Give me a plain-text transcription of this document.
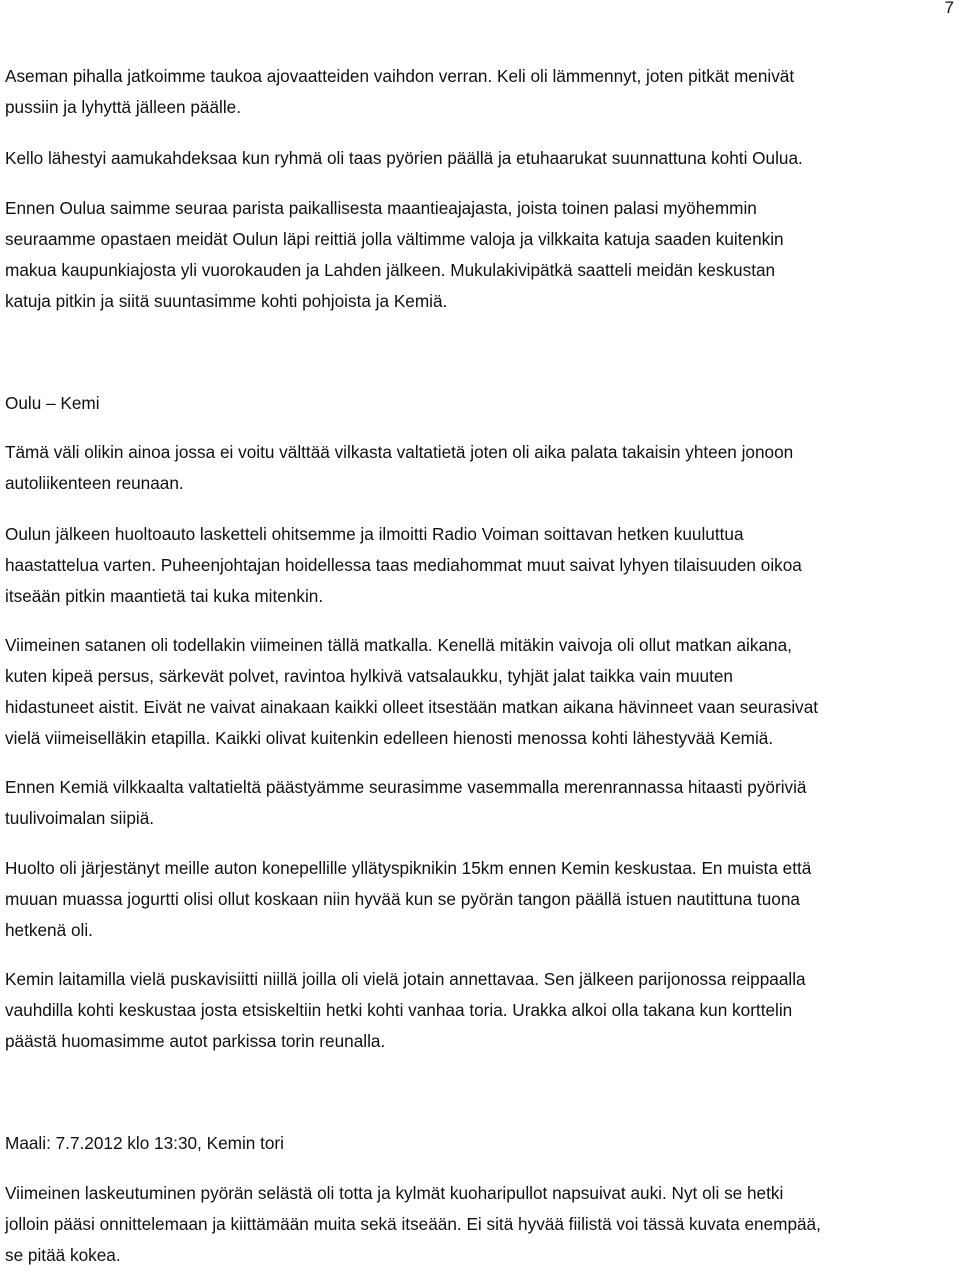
7

Aseman pihalla jatkoimme taukoa ajovaatteiden vaihdon verran. Keli oli lämmennyt, joten pitkät menivät
pussiin ja lyhyttä jälleen päälle.

Kello lähestyi aamukahdeksaa kun ryhmä oli taas pyörien päällä ja etuhaarukat suunnattuna kohti Oulua.

Ennen Oulua saimme seuraa parista paikallisesta maantieajajasta, joista toinen palasi myöhemmin
seuraamme opastaen meidät Oulun läpi reittiä jolla vältimme valoja ja vilkkaita katuja saaden kuitenkin
makua kaupunkiajosta yli vuorokauden ja Lahden jälkeen. Mukulakivipätkä saatteli meidän keskustan
katuja pitkin ja siitä suuntasimme kohti pohjoista ja Kemiä.

Oulu – Kemi

Tämä väli olikin ainoa jossa ei voitu välttää vilkasta valtatietä joten oli aika palata takaisin yhteen jonoon
autoliikenteen reunaan.

Oulun jälkeen huoltoauto lasketteli ohitsemme ja ilmoitti Radio Voiman soittavan hetken kuuluttua
haastattelua varten. Puheenjohtajan hoidellessa taas mediahommat muut saivat lyhyen tilaisuuden oikoa
itseään pitkin maantietä tai kuka mitenkin.

Viimeinen satanen oli todellakin viimeinen tällä matkalla. Kenellä mitäkin vaivoja oli ollut matkan aikana,
kuten kipeä persus, särkevät polvet, ravintoa hylkivä vatsalaukku, tyhjät jalat taikka vain muuten
hidastuneet aistit. Eivät ne vaivat ainakaan kaikki olleet itsestään matkan aikana hävinneet vaan seurasivat
vielä viimeiselläkin etapilla. Kaikki olivat kuitenkin edelleen hienosti menossa kohti lähestyvää Kemiä.

Ennen Kemiä vilkkaalta valtatieltä päästyämme seurasimme vasemmalla merenrannassa hitaasti pyöriviä
tuulivoimalan siipiä.

Huolto oli järjestänyt meille auton konepellille yllätyspiknikin 15km ennen Kemin keskustaa. En muista että
muuan muassa jogurtti olisi ollut koskaan niin hyvää kun se pyörän tangon päällä istuen nautittuna tuona
hetkenä oli.

Kemin laitamilla vielä puskavisiitti niillä joilla oli vielä jotain annettavaa. Sen jälkeen parijonossa reippaalla
vauhdilla kohti keskustaa josta etsiskeltiin hetki kohti vanhaa toria. Urakka alkoi olla takana kun korttelin
päästä huomasimme autot parkissa torin reunalla.

Maali: 7.7.2012 klo 13:30, Kemin tori

Viimeinen laskeutuminen pyörän selästä oli totta ja kylmät kuoharipullot napsuivat auki. Nyt oli se hetki
jolloin pääsi onnittelemaan ja kiittämään muita sekä itseään. Ei sitä hyvää fiilistä voi tässä kuvata enempää,
se pitää kokea.
